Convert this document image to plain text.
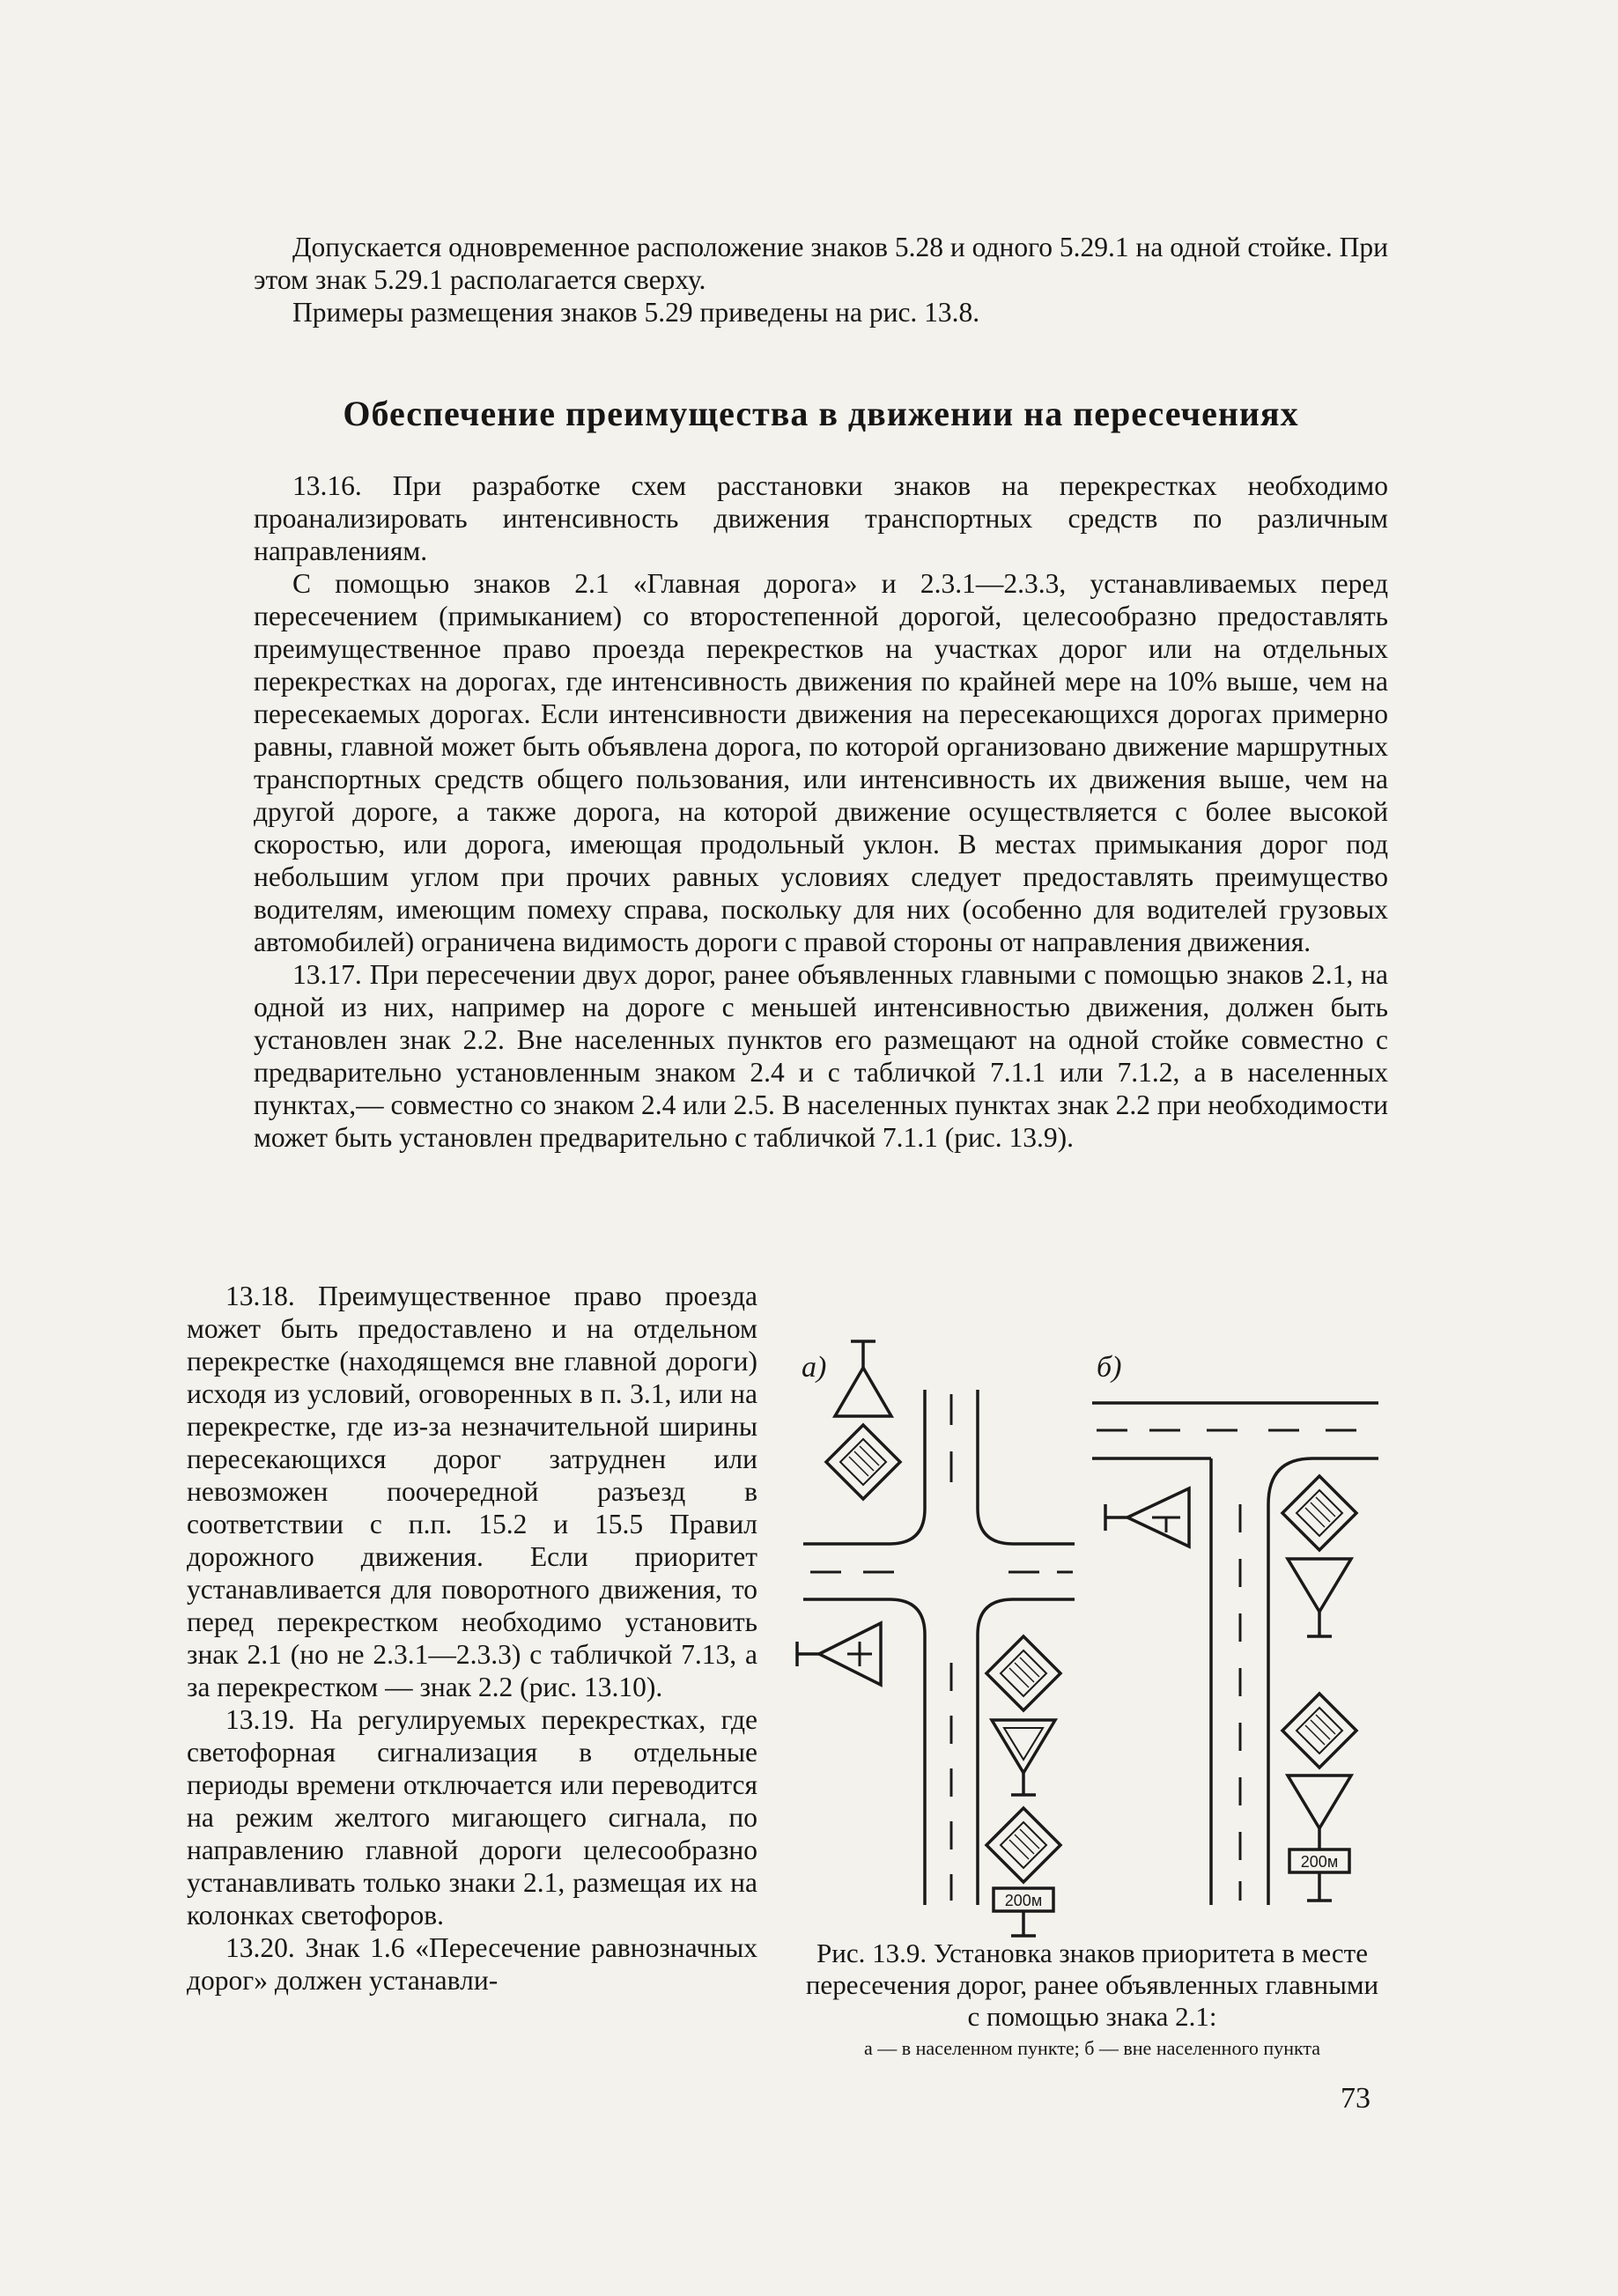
Допускается одновременное расположение знаков 5.28 и одного 5.29.1 на одной стойке. При этом знак 5.29.1 располагается сверху.

Примеры размещения знаков 5.29 приведены на рис. 13.8.

Обеспечение преимущества в движении на пересечениях

13.16. При разработке схем расстановки знаков на перекрестках необходимо проанализировать интенсивность движения транспортных средств по различным направлениям.

С помощью знаков 2.1 «Главная дорога» и 2.3.1—2.3.3, устанавливаемых перед пересечением (примыканием) со второстепенной дорогой, целесообразно предоставлять преимущественное право проезда перекрестков на участках дорог или на отдельных перекрестках на дорогах, где интенсивность движения по крайней мере на 10% выше, чем на пересекаемых дорогах. Если интенсивности движения на пересекающихся дорогах примерно равны, главной может быть объявлена дорога, по которой организовано движение маршрутных транспортных средств общего пользования, или интенсивность их движения выше, чем на другой дороге, а также дорога, на которой движение осуществляется с более высокой скоростью, или дорога, имеющая продольный уклон. В местах примыкания дорог под небольшим углом при прочих равных условиях следует предоставлять преимущество водителям, имеющим помеху справа, поскольку для них (особенно для водителей грузовых автомобилей) ограничена видимость дороги с правой стороны от направления движения.

13.17. При пересечении двух дорог, ранее объявленных главными с помощью знаков 2.1, на одной из них, например на дороге с меньшей интенсивностью движения, должен быть установлен знак 2.2. Вне населенных пунктов его размещают на одной стойке совместно с предварительно установленным знаком 2.4 и с табличкой 7.1.1 или 7.1.2, а в населенных пунктах,— совместно со знаком 2.4 или 2.5. В населенных пунктах знак 2.2 при необходимости может быть установлен предварительно с табличкой 7.1.1 (рис. 13.9).

13.18. Преимущественное право проезда может быть предоставлено и на отдельном перекрестке (находящемся вне главной дороги) исходя из условий, оговоренных в п. 3.1, или на перекрестке, где из-за незначительной ширины пересекающихся дорог затруднен или невозможен поочередной разъезд в соответствии с п.п. 15.2 и 15.5 Правил дорожного движения. Если приоритет устанавливается для поворотного движения, то перед перекрестком необходимо установить знак 2.1 (но не 2.3.1—2.3.3) с табличкой 7.13, а за перекрестком — знак 2.2 (рис. 13.10).

13.19. На регулируемых перекрестках, где светофорная сигнализация в отдельные периоды времени отключается или переводится на режим желтого мигающего сигнала, по направлению главной дороги целесообразно устанавливать только знаки 2.1, размещая их на колонках светофоров.

13.20. Знак 1.6 «Пересечение равнозначных дорог» должен устанавли-

а)	б)
200м
200м

Рис. 13.9. Установка знаков приоритета в месте пересечения дорог, ранее объявленных главными с помощью знака 2.1:

а — в населенном пункте; б — вне населенного пункта

73
